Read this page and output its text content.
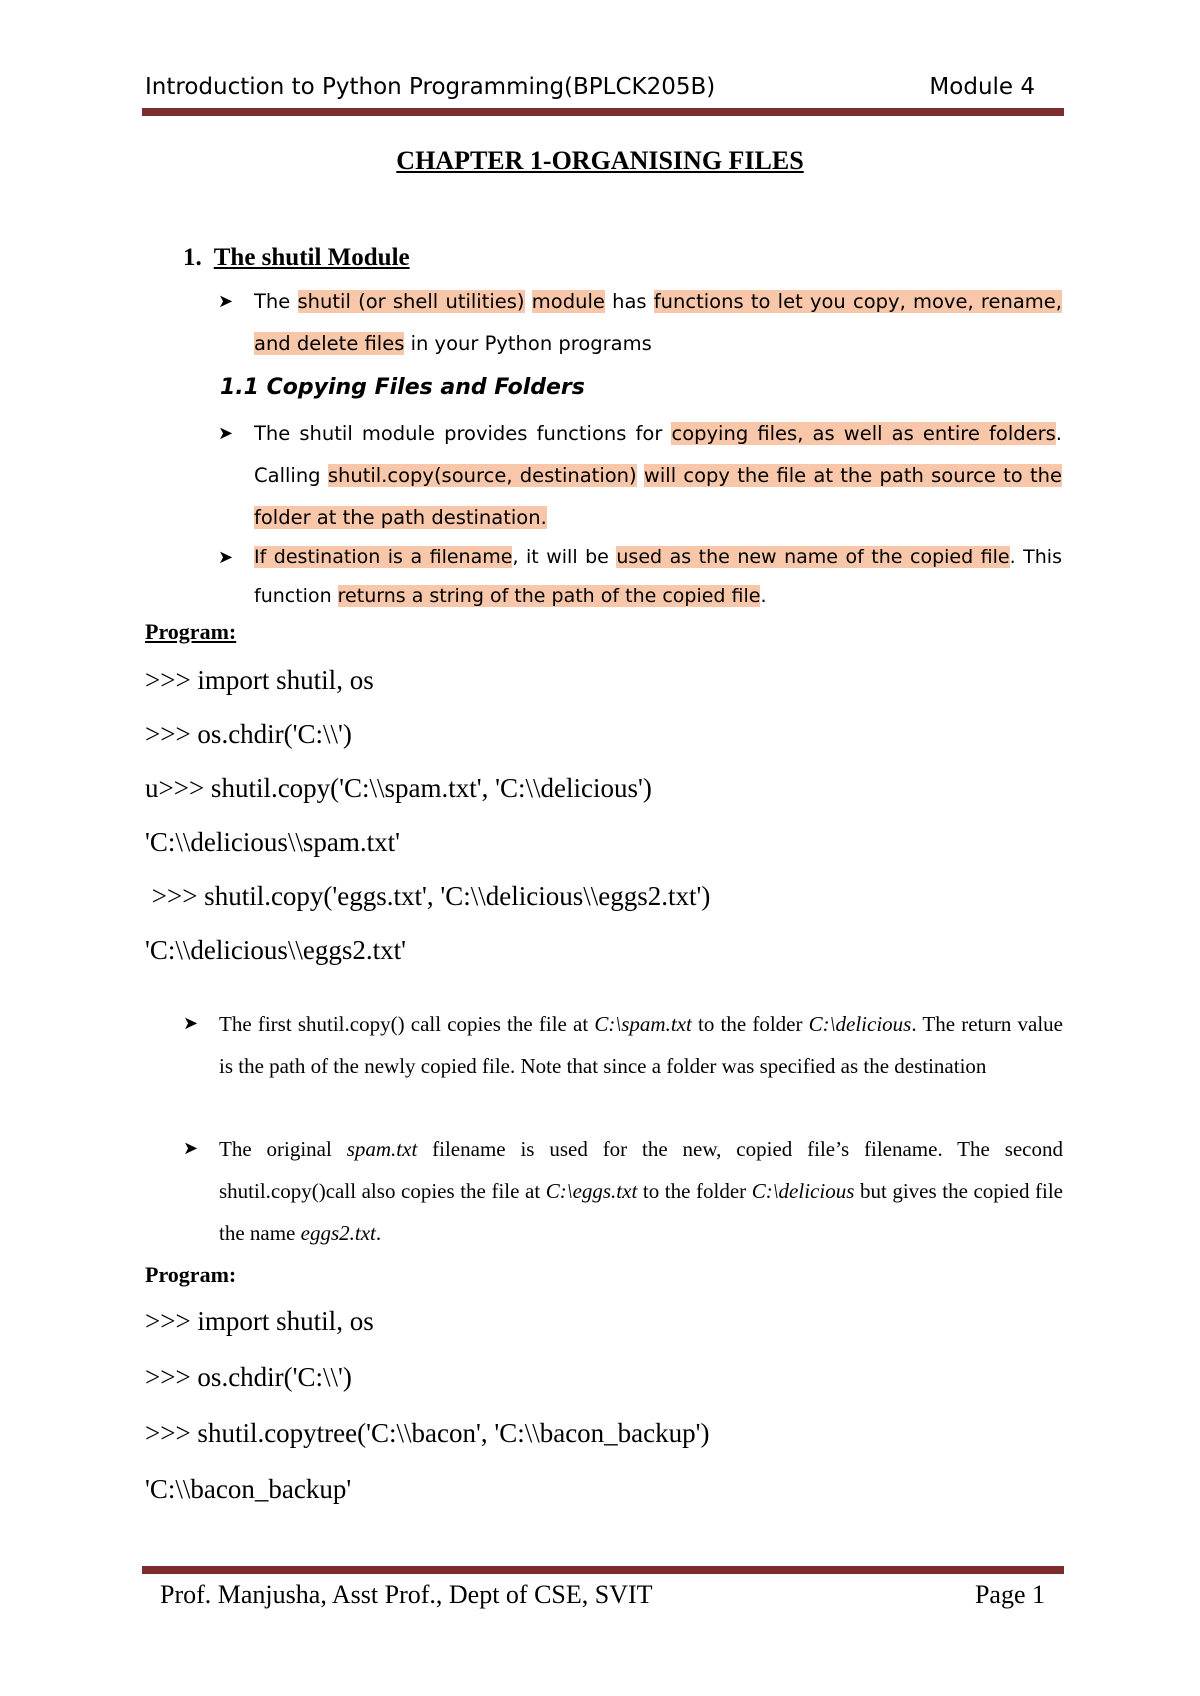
Introduction to Python Programming(BPLCK205B)	Module 4
CHAPTER 1-ORGANISING FILES
1. The shutil Module
➤	The shutil (or shell utilities) module has functions to let you copy, move, rename, and delete files in your Python programs
1.1 Copying Files and Folders
➤	The shutil module provides functions for copying files, as well as entire folders. Calling shutil.copy(source, destination) will copy the file at the path source to the folder at the path destination.
➤	If destination is a filename, it will be used as the new name of the copied file. This function returns a string of the path of the copied file.
Program:
>>> import shutil, os
>>> os.chdir('C:\\')
u>>> shutil.copy('C:\\spam.txt', 'C:\\delicious')
'C:\\delicious\\spam.txt'
>>> shutil.copy('eggs.txt', 'C:\\delicious\\eggs2.txt')
'C:\\delicious\\eggs2.txt'
➤ The first shutil.copy() call copies the file at C:\spam.txt to the folder C:\delicious. The return value is the path of the newly copied file. Note that since a folder was specified as the destination
➤ The original spam.txt filename is used for the new, copied file’s filename. The second shutil.copy()call also copies the file at C:\eggs.txt to the folder C:\delicious but gives the copied file the name eggs2.txt.
Program:
>>> import shutil, os
>>> os.chdir('C:\\')
>>> shutil.copytree('C:\\bacon', 'C:\\bacon_backup')
'C:\\bacon_backup'
Prof. Manjusha, Asst Prof., Dept of CSE, SVIT	Page 1
